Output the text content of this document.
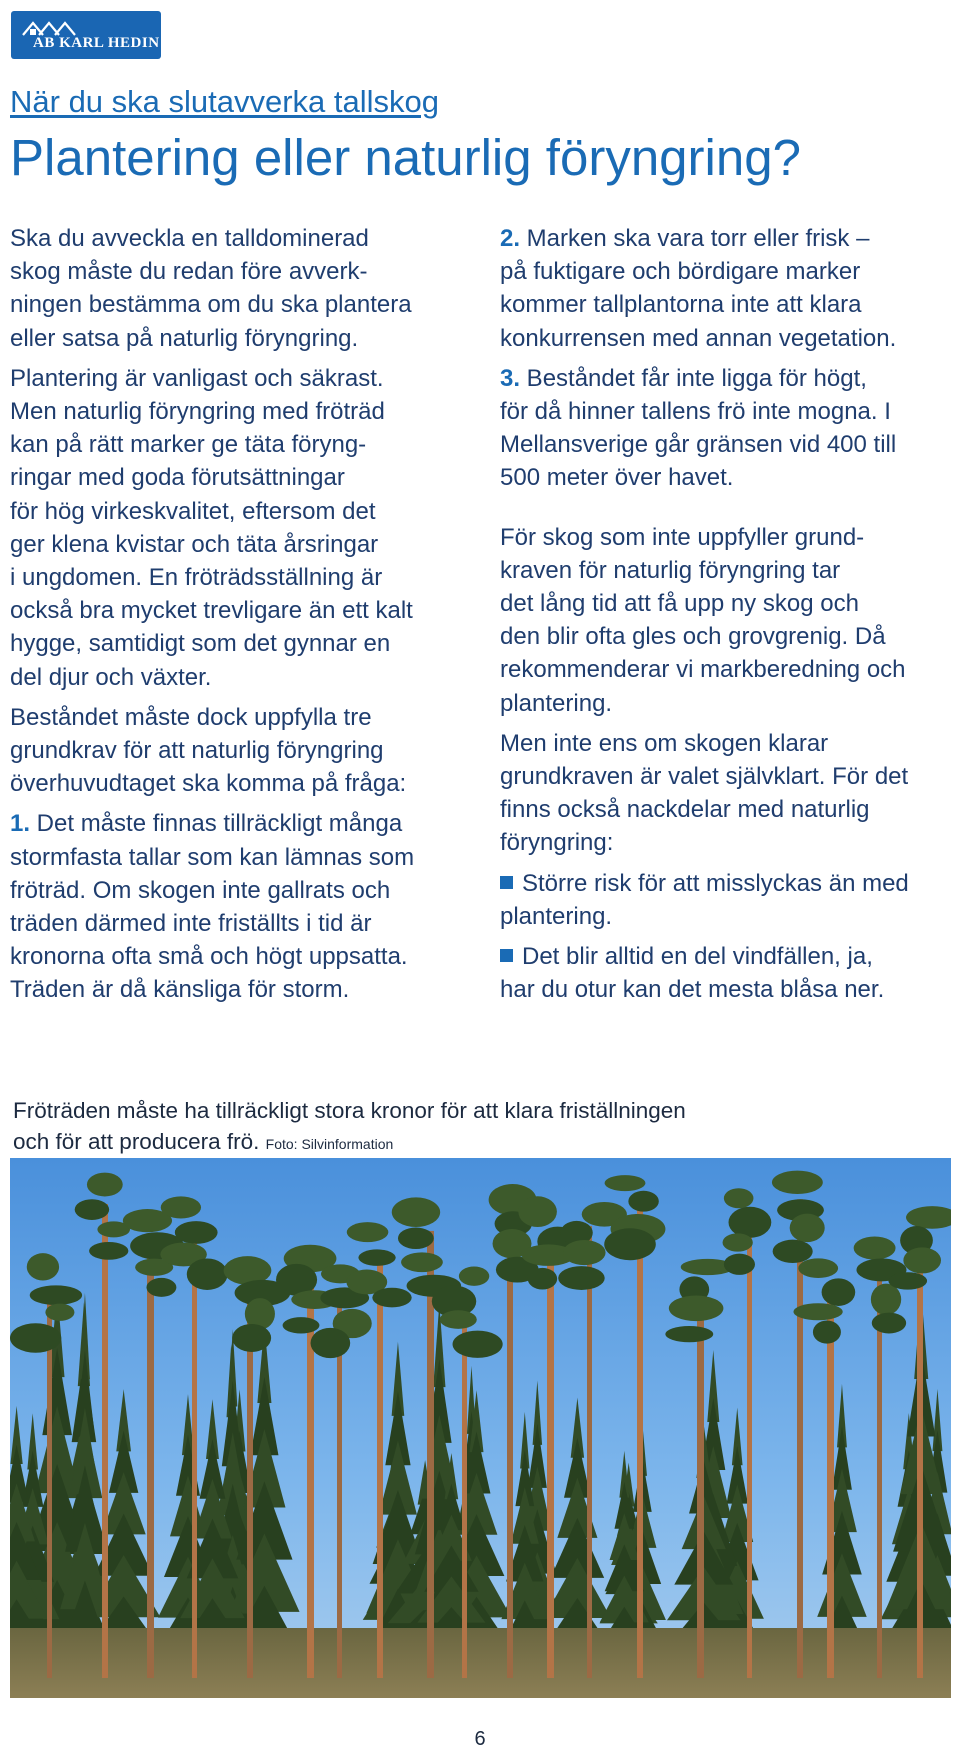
AB KARL HEDIN
När du ska slutavverka tallskog
Plantering eller naturlig föryngring?

Ska du avveckla en talldominerad
skog måste du redan före avverk-
ningen bestämma om du ska plantera
eller satsa på naturlig föryngring.

Plantering är vanligast och säkrast.
Men naturlig föryngring med fröträd
kan på rätt marker ge täta föryng-
ringar med goda förutsättningar
för hög virkeskvalitet, eftersom det
ger klena kvistar och täta årsringar
i ungdomen. En fröträdsställning är
också bra mycket trevligare än ett kalt
hygge, samtidigt som det gynnar en
del djur och växter.

Beståndet måste dock uppfylla tre
grundkrav för att naturlig föryngring
överhuvudtaget ska komma på fråga:

1. Det måste finnas tillräckligt många
stormfasta tallar som kan lämnas som
fröträd. Om skogen inte gallrats och
träden därmed inte friställts i tid är
kronorna ofta små och högt uppsatta.
Träden är då känsliga för storm.

2. Marken ska vara torr eller frisk –
på fuktigare och bördigare marker
kommer tallplantorna inte att klara
konkurrensen med annan vegetation.

3. Beståndet får inte ligga för högt,
för då hinner tallens frö inte mogna. I
Mellansverige går gränsen vid 400 till
500 meter över havet.

För skog som inte uppfyller grund-
kraven för naturlig föryngring tar
det lång tid att få upp ny skog och
den blir ofta gles och grovgrenig. Då
rekommenderar vi markberedning och
plantering.

Men inte ens om skogen klarar
grundkraven är valet självklart. För det
finns också nackdelar med naturlig
föryngring:

Större risk för att misslyckas än med
plantering.

Det blir alltid en del vindfällen, ja,
har du otur kan det mesta blåsa ner.

Fröträden måste ha tillräckligt stora kronor för att klara friställningen
och för att producera frö. Foto: Silvinformation
6
